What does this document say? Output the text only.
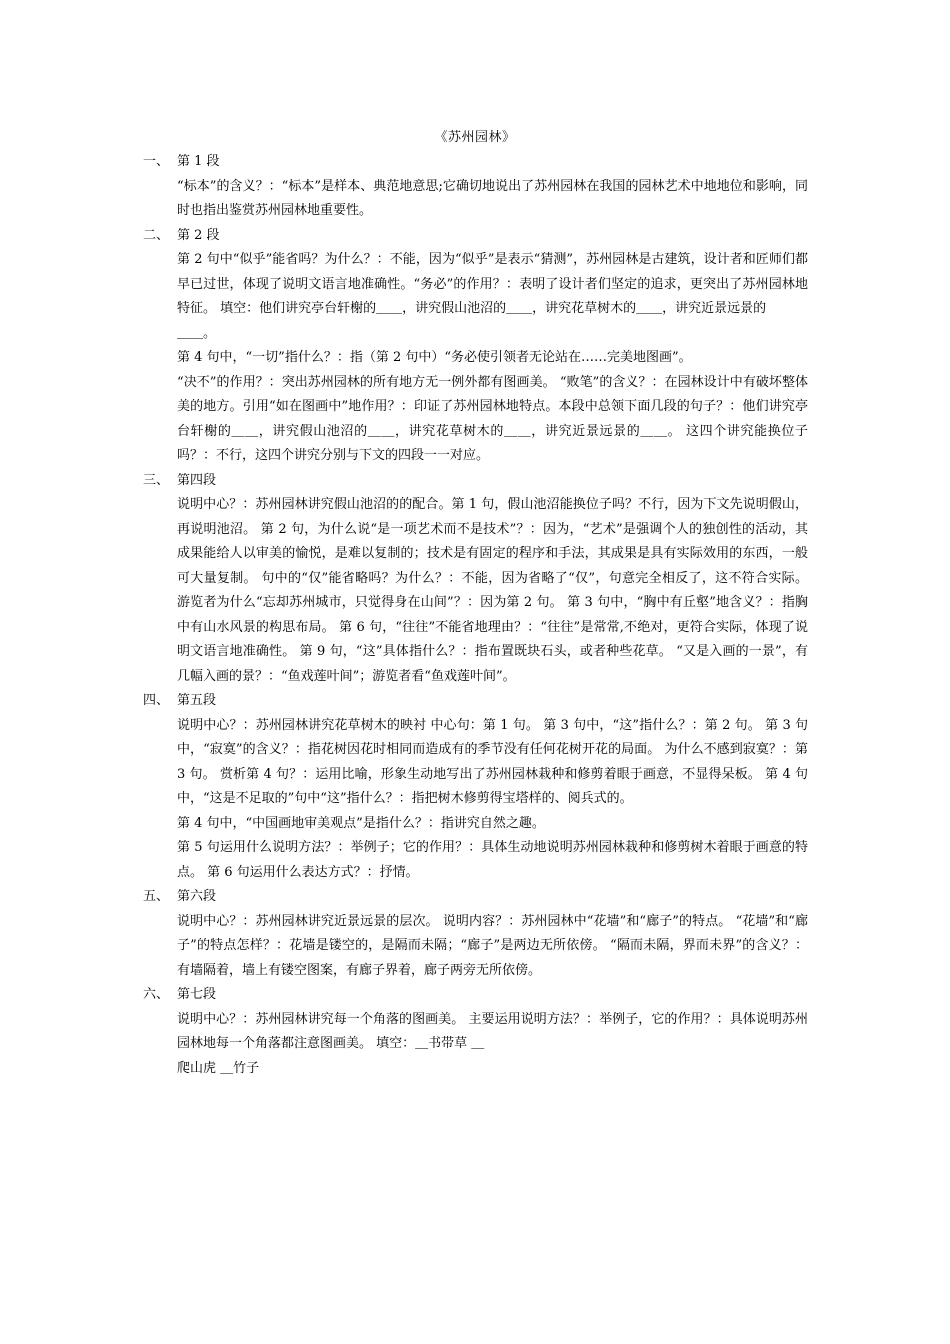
《苏州园林》
一、 第 1 段

“标本”的含义？：“标本”是样本、典范地意思;它确切地说出了苏州园林在我国的园林艺术中地地位和影响，同时也指出鉴赏苏州园林地重要性。

二、 第 2 段

第 2 句中“似乎”能省吗？为什么？：不能，因为“似乎”是表示“猜测”，苏州园林是古建筑，设计者和匠师们都早已过世，体现了说明文语言地准确性。“务必”的作用？：表明了设计者们坚定的追求，更突出了苏州园林地特征。 填空：他们讲究亭台轩榭的＿＿，讲究假山池沼的＿＿，讲究花草树木的＿＿，讲究近景远景的

＿＿。

第 4 句中，“一切”指什么？：指（第 2 句中）“务必使引领者无论站在……完美地图画”。

“决不”的作用？：突出苏州园林的所有地方无一例外都有图画美。 “败笔”的含义？：在园林设计中有破坏整体美的地方。引用“如在图画中”地作用？：印证了苏州园林地特点。本段中总领下面几段的句子？：他们讲究亭台轩榭的＿＿，讲究假山池沼的＿＿，讲究花草树木的＿＿，讲究近景远景的＿＿。 这四个讲究能换位子吗？：不行，这四个讲究分别与下文的四段一一对应。

三、 第四段

说明中心？：苏州园林讲究假山池沼的的配合。第 1 句，假山池沼能换位子吗？不行，因为下文先说明假山，再说明池沼。 第 2 句，为什么说“是一项艺术而不是技术”？：因为，“艺术”是强调个人的独创性的活动，其成果能给人以审美的愉悦，是难以复制的；技术是有固定的程序和手法，其成果是具有实际效用的东西，一般可大量复制。 句中的“仅”能省略吗？为什么？：不能，因为省略了“仅”，句意完全相反了，这不符合实际。 游览者为什么“忘却苏州城市，只觉得身在山间”？：因为第 2 句。 第 3 句中，“胸中有丘壑”地含义？：指胸中有山水风景的构思布局。 第 6 句，“往往”不能省地理由？：“往往”是常常,不绝对，更符合实际，体现了说明文语言地准确性。 第 9 句，“这”具体指什么？：指布置既块石头，或者种些花草。 “又是入画的一景”，有几幅入画的景？：“鱼戏莲叶间”；游览者看“鱼戏莲叶间”。

四、 第五段

说明中心？：苏州园林讲究花草树木的映衬 中心句：第 1 句。 第 3 句中，“这”指什么？：第 2 句。 第 3 句中，“寂寞”的含义？：指花树因花时相同而造成有的季节没有任何花树开花的局面。 为什么不感到寂寞？：第 3 句。 赏析第 4 句？：运用比喻，形象生动地写出了苏州园林栽种和修剪着眼于画意，不显得呆板。 第 4 句中，“这是不足取的”句中“这”指什么？：指把树木修剪得宝塔样的、阅兵式的。

第 4 句中，“中国画地审美观点”是指什么？：指讲究自然之趣。

第 5 句运用什么说明方法？：举例子；它的作用？：具体生动地说明苏州园林栽种和修剪树木着眼于画意的特点。 第 6 句运用什么表达方式？：抒情。

五、 第六段

说明中心？：苏州园林讲究近景远景的层次。 说明内容？：苏州园林中“花墙”和“廊子”的特点。 “花墙”和“廊子”的特点怎样？：花墙是镂空的，是隔而未隔；“廊子”是两边无所依傍。 “隔而未隔，界而未界”的含义？：有墙隔着，墙上有镂空图案，有廊子界着，廊子两旁无所依傍。

六、 第七段

说明中心？：苏州园林讲究每一个角落的图画美。 主要运用说明方法？：举例子，它的作用？：具体说明苏州园林地每一个角落都注意图画美。 填空：＿书带草 ＿

爬山虎 ＿竹子
